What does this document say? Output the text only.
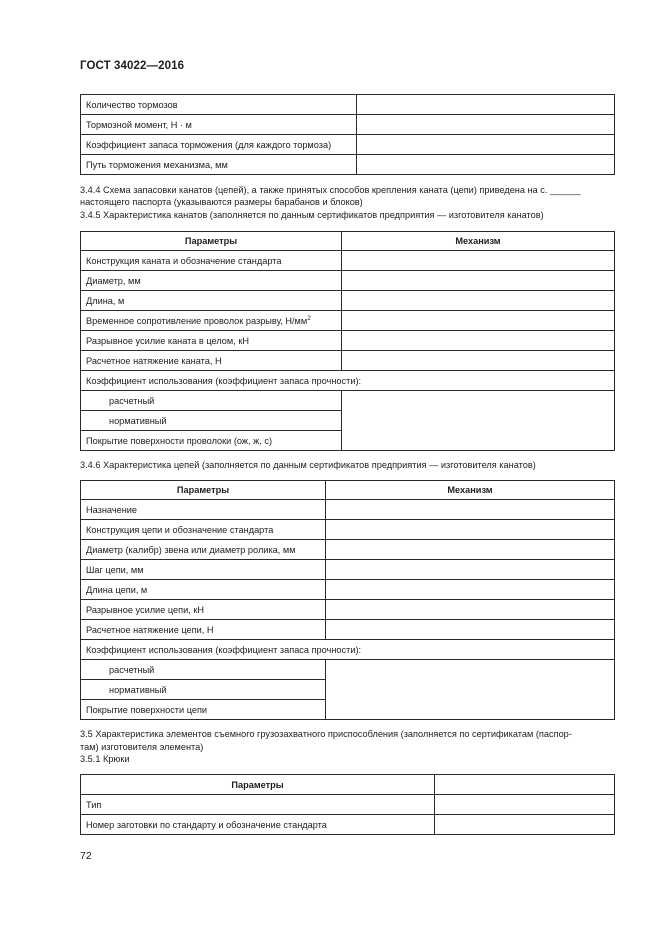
ГОСТ 34022—2016
Количество тормозов	
Тормозной момент, Н · м	
Коэффициент запаса торможения (для каждого тормоза)	
Путь торможения механизма, мм	
3.4.4 Схема запасовки канатов (цепей), а также принятых способов крепления каната (цепи) приведена на с. ______
настоящего паспорта (указываются размеры барабанов и блоков)
3.4.5 Характеристика канатов (заполняется по данным сертификатов предприятия — изготовителя канатов)
Параметры	Механизм
Конструкция каната и обозначение стандарта	
Диаметр, мм	
Длина, м	
Временное сопротивление проволок разрыву, $Н/мм^2$	
Разрывное усилие каната в целом, кН	
Расчетное натяжение каната, Н	
Коэффициент использования (коэффициент запаса прочности):	
расчетный	
нормативный	
Покрытие поверхности проволоки (ож, ж, с)	
3.4.6 Характеристика цепей (заполняется по данным сертификатов предприятия — изготовителя канатов)
Параметры	Механизм
Назначение	
Конструкция цепи и обозначение стандарта	
Диаметр (калибр) звена или диаметр ролика, мм	
Шаг цепи, мм	
Длина цепи, м	
Разрывное усилие цепи, кН	
Расчетное натяжение цепи, Н	
Коэффициент использования (коэффициент запаса прочности):	
расчетный	
нормативный	
Покрытие поверхности цепи	
3.5 Характеристика элементов съемного грузозахватного приспособления (заполняется по сертификатам (паспор-
там) изготовителя элемента)
3.5.1 Крюки
Параметры	
Тип	
Номер заготовки по стандарту и обозначение стандарта	
72
